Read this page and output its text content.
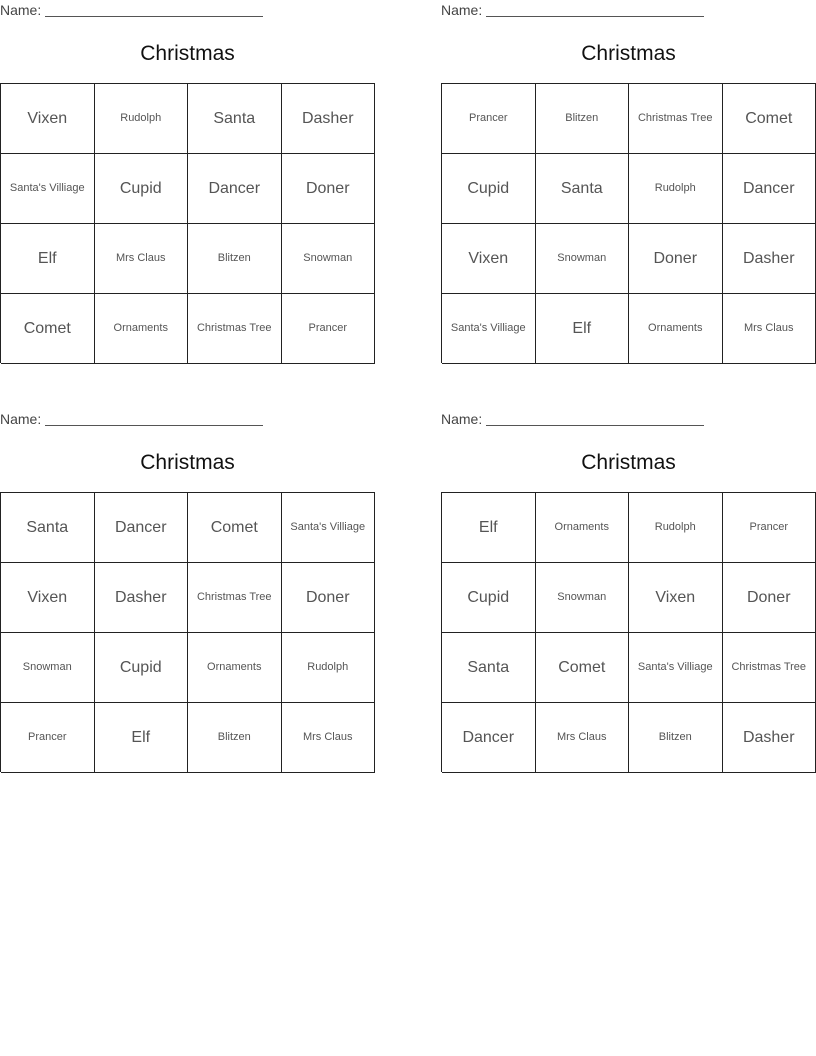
Name:
Christmas
Vixen	Rudolph	Santa	Dasher
Santa's Villiage	Cupid	Dancer	Doner
Elf	Mrs Claus	Blitzen	Snowman
Comet	Ornaments	Christmas Tree	Prancer
Name:
Christmas
Prancer	Blitzen	Christmas Tree	Comet
Cupid	Santa	Rudolph	Dancer
Vixen	Snowman	Doner	Dasher
Santa's Villiage	Elf	Ornaments	Mrs Claus
Name:
Christmas
Santa	Dancer	Comet	Santa's Villiage
Vixen	Dasher	Christmas Tree	Doner
Snowman	Cupid	Ornaments	Rudolph
Prancer	Elf	Blitzen	Mrs Claus
Name:
Christmas
Elf	Ornaments	Rudolph	Prancer
Cupid	Snowman	Vixen	Doner
Santa	Comet	Santa's Villiage	Christmas Tree
Dancer	Mrs Claus	Blitzen	Dasher
